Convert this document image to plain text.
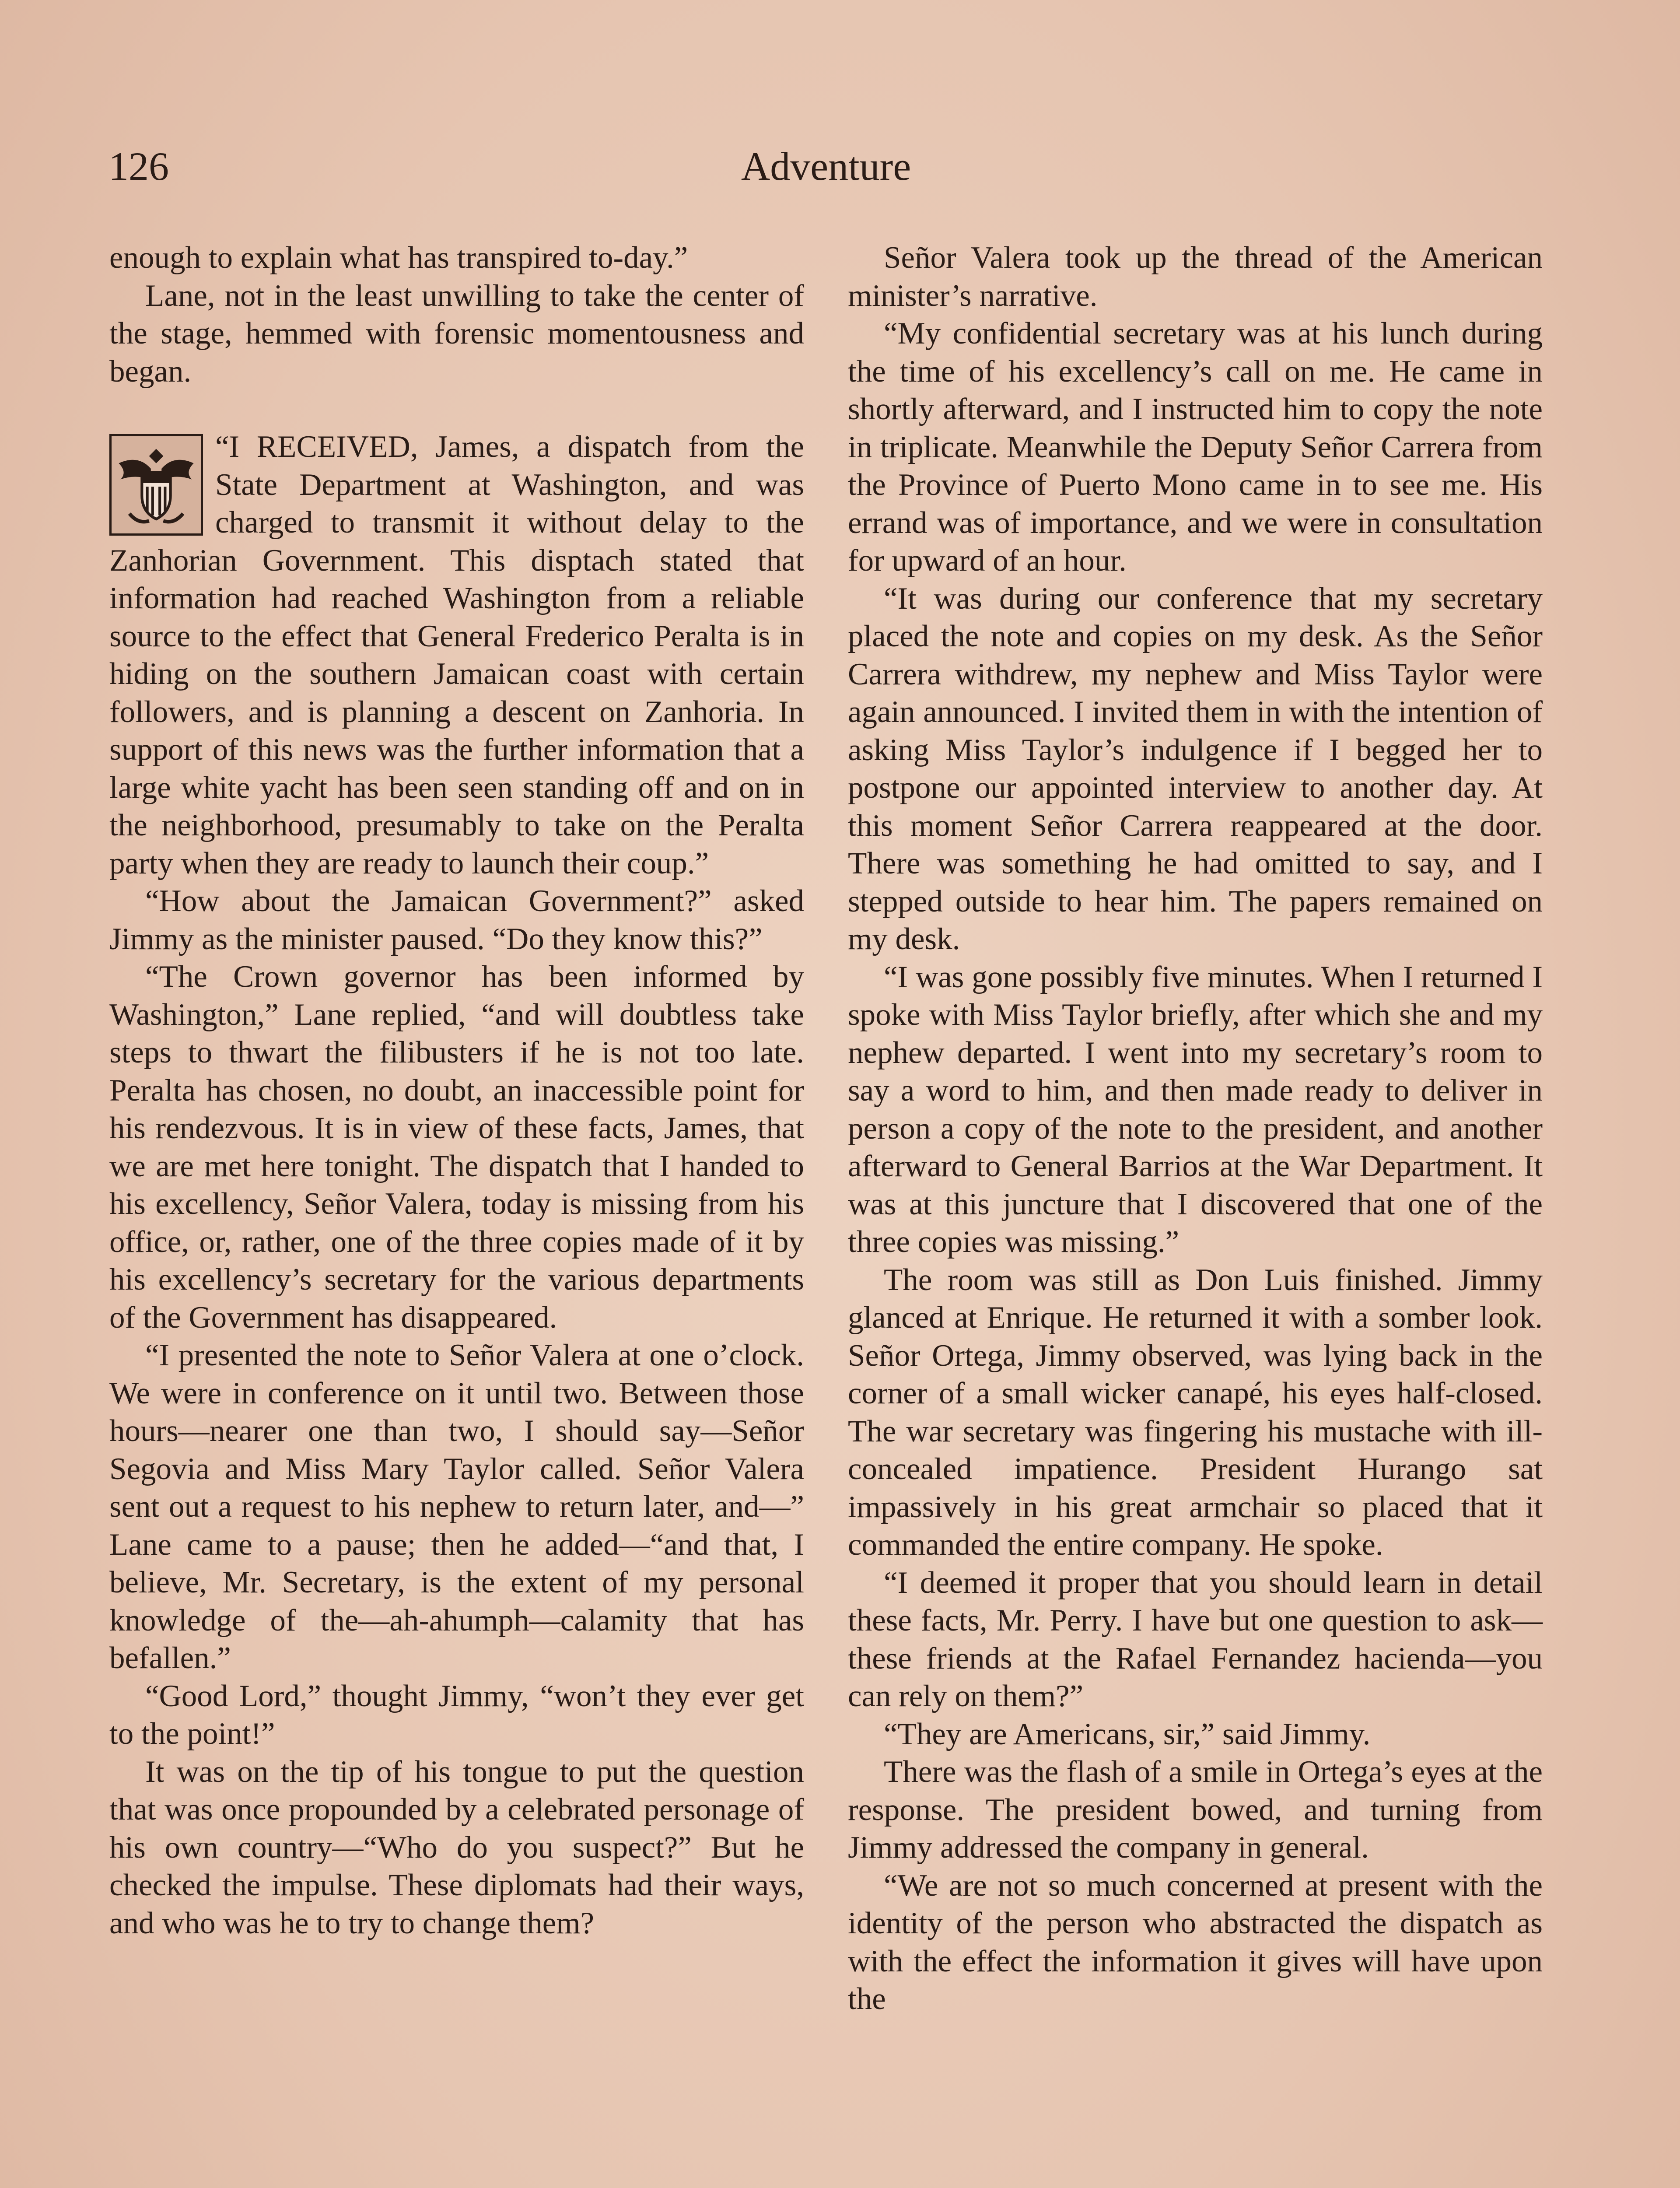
126	Adventure

enough to explain what has transpired to-day.”

Lane, not in the least unwilling to take the center of the stage, hemmed with forensic momentousness and began.

“I RECEIVED, James, a dispatch from the State Department at Washington, and was charged to transmit it without delay to the Zanhorian Government. This disptach stated that information had reached Washington from a reliable source to the effect that General Frederico Peralta is in hiding on the southern Jamaican coast with certain followers, and is planning a descent on Zanhoria. In support of this news was the further information that a large white yacht has been seen standing off and on in the neighborhood, presumably to take on the Peralta party when they are ready to launch their coup.”

“How about the Jamaican Government?” asked Jimmy as the minister paused. “Do they know this?”

“The Crown governor has been informed by Washington,” Lane replied, “and will doubtless take steps to thwart the filibusters if he is not too late. Peralta has chosen, no doubt, an inaccessible point for his rendezvous. It is in view of these facts, James, that we are met here tonight. The dispatch that I handed to his excellency, Señor Valera, today is missing from his office, or, rather, one of the three copies made of it by his excellency’s secretary for the various departments of the Government has disappeared.

“I presented the note to Señor Valera at one o’clock. We were in conference on it until two. Between those hours—nearer one than two, I should say—Señor Segovia and Miss Mary Taylor called. Señor Valera sent out a request to his nephew to return later, and—” Lane came to a pause; then he added—“and that, I believe, Mr. Secretary, is the extent of my personal knowledge of the—ah-ahumph—calamity that has befallen.”

“Good Lord,” thought Jimmy, “won’t they ever get to the point!”

It was on the tip of his tongue to put the question that was once propounded by a celebrated personage of his own country—“Who do you suspect?” But he checked the impulse. These diplomats had their ways, and who was he to try to change them?

Señor Valera took up the thread of the American minister’s narrative.

“My confidential secretary was at his lunch during the time of his excellency’s call on me. He came in shortly afterward, and I instructed him to copy the note in triplicate. Meanwhile the Deputy Señor Carrera from the Province of Puerto Mono came in to see me. His errand was of importance, and we were in consultation for upward of an hour.

“It was during our conference that my secretary placed the note and copies on my desk. As the Señor Carrera withdrew, my nephew and Miss Taylor were again announced. I invited them in with the intention of asking Miss Taylor’s indulgence if I begged her to postpone our appointed interview to another day. At this moment Señor Carrera reappeared at the door. There was something he had omitted to say, and I stepped outside to hear him. The papers remained on my desk.

“I was gone possibly five minutes. When I returned I spoke with Miss Taylor briefly, after which she and my nephew departed. I went into my secretary’s room to say a word to him, and then made ready to deliver in person a copy of the note to the president, and another afterward to General Barrios at the War Department. It was at this juncture that I discovered that one of the three copies was missing.”

The room was still as Don Luis finished. Jimmy glanced at Enrique. He returned it with a somber look. Señor Ortega, Jimmy observed, was lying back in the corner of a small wicker canapé, his eyes half-closed. The war secretary was fingering his mustache with ill-concealed impatience. President Hurango sat impassively in his great armchair so placed that it commanded the entire company. He spoke.

“I deemed it proper that you should learn in detail these facts, Mr. Perry. I have but one question to ask—these friends at the Rafael Fernandez hacienda—you can rely on them?”

“They are Americans, sir,” said Jimmy.

There was the flash of a smile in Ortega’s eyes at the response. The president bowed, and turning from Jimmy addressed the company in general.

“We are not so much concerned at present with the identity of the person who abstracted the dispatch as with the effect the information it gives will have upon the
